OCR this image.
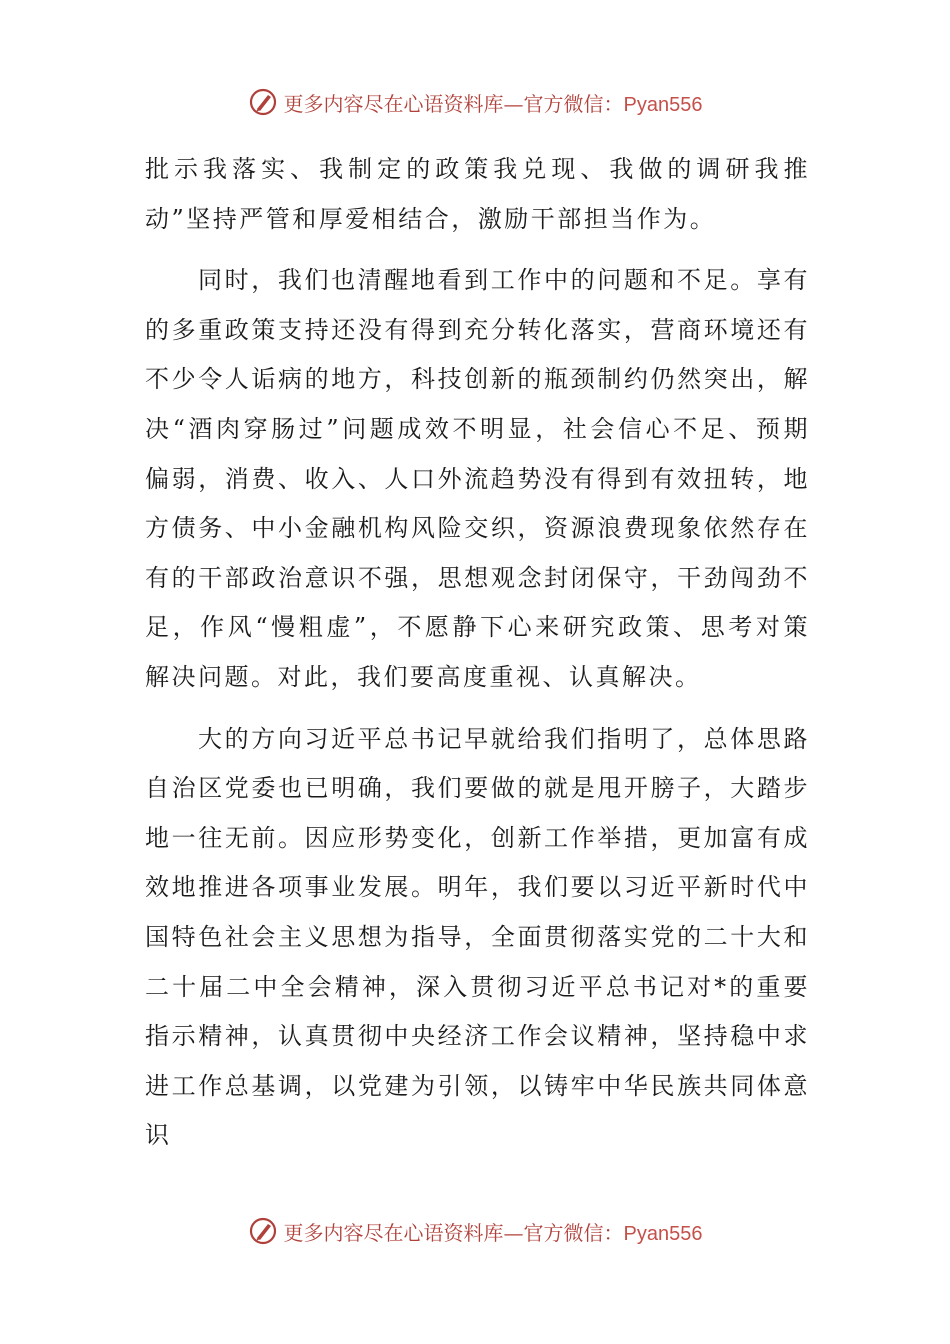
更多内容尽在心语资料库—官方微信：Pyan556

批示我落实、我制定的政策我兑现、我做的调研我推动”坚持严管和厚爱相结合，激励干部担当作为。

同时，我们也清醒地看到工作中的问题和不足。享有的多重政策支持还没有得到充分转化落实，营商环境还有不少令人诟病的地方，科技创新的瓶颈制约仍然突出，解决“酒肉穿肠过”问题成效不明显，社会信心不足、预期偏弱，消费、收入、人口外流趋势没有得到有效扭转，地方债务、中小金融机构风险交织，资源浪费现象依然存在有的干部政治意识不强，思想观念封闭保守，干劲闯劲不足，作风“慢粗虚”，不愿静下心来研究政策、思考对策解决问题。对此，我们要高度重视、认真解决。

大的方向习近平总书记早就给我们指明了，总体思路自治区党委也已明确，我们要做的就是甩开膀子，大踏步地一往无前。因应形势变化，创新工作举措，更加富有成效地推进各项事业发展。明年，我们要以习近平新时代中国特色社会主义思想为指导，全面贯彻落实党的二十大和二十届二中全会精神，深入贯彻习近平总书记对*的重要指示精神，认真贯彻中央经济工作会议精神，坚持稳中求进工作总基调，以党建为引领，以铸牢中华民族共同体意识

更多内容尽在心语资料库—官方微信：Pyan556
